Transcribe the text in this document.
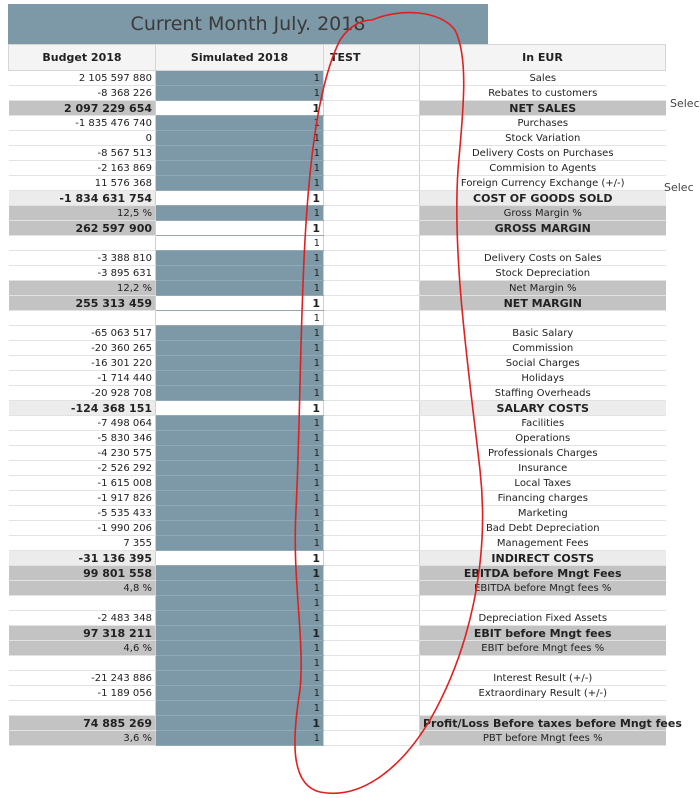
Current Month July. 2018
Budget 2018	Simulated 2018	TEST	In EUR
2 105 597 880	1		Sales
-8 368 226	1		Rebates to customers
2 097 229 654	1		NET SALES
-1 835 476 740	1		Purchases
0	1		Stock Variation
-8 567 513	1		Delivery Costs on Purchases
-2 163 869	1		Commision to Agents
11 576 368	1		Foreign Currency Exchange (+/-)
-1 834 631 754	1		COST OF GOODS SOLD
12,5 %	1		Gross Margin %
262 597 900	1		GROSS MARGIN
	1		
-3 388 810	1		Delivery Costs on Sales
-3 895 631	1		Stock Depreciation
12,2 %	1		Net Margin %
255 313 459	1		NET MARGIN
	1		
-65 063 517	1		Basic Salary
-20 360 265	1		Commission
-16 301 220	1		Social Charges
-1 714 440	1		Holidays
-20 928 708	1		Staffing Overheads
-124 368 151	1		SALARY COSTS
-7 498 064	1		Facilities
-5 830 346	1		Operations
-4 230 575	1		Professionals Charges
-2 526 292	1		Insurance
-1 615 008	1		Local Taxes
-1 917 826	1		Financing charges
-5 535 433	1		Marketing
-1 990 206	1		Bad Debt Depreciation
7 355	1		Management Fees
-31 136 395	1		INDIRECT COSTS
99 801 558	1		EBITDA before Mngt Fees
4,8 %	1		EBITDA before Mngt fees %
	1		
-2 483 348	1		Depreciation Fixed Assets
97 318 211	1		EBIT before Mngt fees
4,6 %	1		EBIT before Mngt fees %
	1		
-21 243 886	1		Interest Result (+/-)
-1 189 056	1		Extraordinary Result (+/-)
	1		
74 885 269	1		Profit/Loss Before taxes before Mngt fees
3,6 %	1		PBT before Mngt fees %
Selec
Selec
